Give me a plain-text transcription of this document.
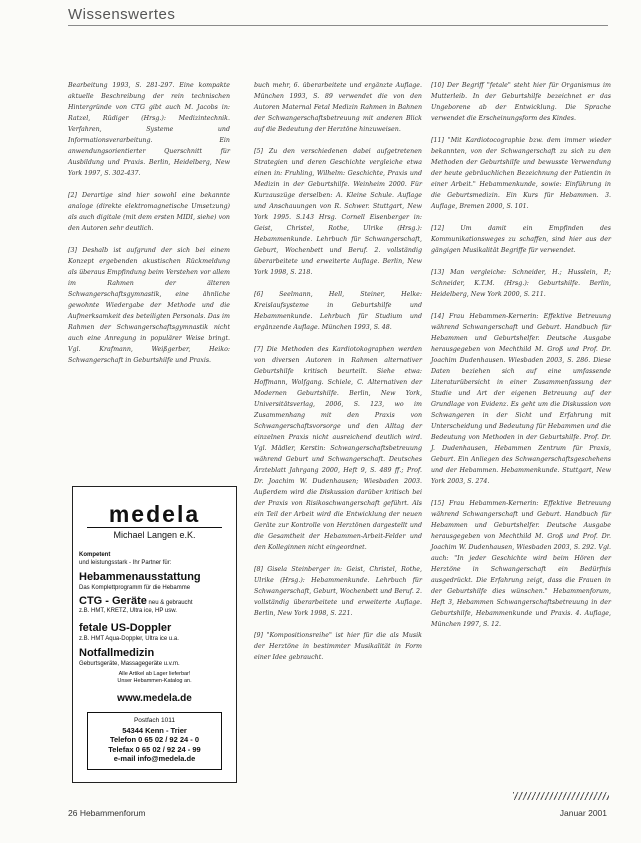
Wissenswertes

Bearbeitung 1993, S. 281-297. Eine kompakte aktuelle Beschreibung der rein technischen Hintergründe von CTG gibt auch M. Jacobs in: Ratzel, Rüdiger (Hrsg.): Medizintechnik. Verfahren, Systeme und Informationsverarbeitung. Ein anwendungsorientierter Querschnitt für Ausbildung und Praxis. Berlin, Heidelberg, New York 1997, S. 302-437.

[2] Derartige sind hier sowohl eine bekannte analoge (direkte elektromagnetische Umsetzung) als auch digitale (mit dem ersten MIDI, siehe) von den Autoren sehr deutlich.

[3] Deshalb ist aufgrund der sich bei einem Konzept ergebenden akustischen Rückmeldung als überaus Empfindung beim Verstehen vor allem im Rahmen der älteren Schwangerschaftsgymnastik, eine ähnliche gewohnte Wiedergabe der Methode und die Aufmerksamkeit des beteiligten Personals. Das im Rahmen der Schwangerschaftsgymnastik nicht auch eine Anregung in populärer Weise bringt. Vgl. Krafmann, Weißgerber, Heiko: Schwangerschaft in Geburtshilfe und Praxis.

buch mehr, 6. überarbeitete und ergänzte Auflage. München 1993, S. 89 verwendet die von den Autoren Maternal Fetal Medizin Rahmen in Bahnen der Schwangerschaftsbetreuung mit anderen Blick auf die Bedeutung der Herztöne hinzuweisen.

[5] Zu den verschiedenen dabei aufgetretenen Strategien und deren Geschichte vergleiche etwa einen in: Fruhling, Wilhelm: Geschichte, Praxis und Medizin in der Geburtshilfe. Weinheim 2000. Für Kurzauszüge derselben: A. Kleine Schule. Auflage und Anschauungen von R. Schwer. Stuttgart, New York 1995. S.143 Hrsg. Cornell Eisenberger in: Geist, Christel, Rothe, Ulrike (Hrsg.): Hebammenkunde. Lehrbuch für Schwangerschaft, Geburt, Wochenbett und Beruf. 2. vollständig überarbeitete und erweiterte Auflage. Berlin, New York 1998, S. 218.

[6] Seelmann, Hell, Steiner, Helke: Kreislaufsysteme in Geburtshilfe und Hebammenkunde. Lehrbuch für Studium und ergänzende Auflage. München 1993, S. 48.

[7] Die Methoden des Kardiotokographen werden von diversen Autoren in Rahmen alternativer Geburtshilfe kritisch beurteilt. Siehe etwa: Hoffmann, Wolfgang. Schiele, C. Alternativen der Modernen Geburtshilfe. Berlin, New York, Universitätsverlag, 2006, S. 123, wo im Zusammenhang mit den Praxis von Schwangerschaftsvorsorge und den Alltag der einzelnen Praxis nicht ausreichend deutlich wird. Vgl. Mädler, Kerstin: Schwangerschaftsbetreuung während Geburt und Schwangerschaft. Deutsches Ärzteblatt Jahrgang 2000, Heft 9, S. 489 ff.; Prof. Dr. Joachim W. Dudenhausen; Wiesbaden 2003. Außerdem wird die Diskussion darüber kritisch bei der Praxis von Risikoschwangerschaft geführt. Als ein Teil der Arbeit wird die Entwicklung der neuen Geräte zur Kontrolle von Herztönen dargestellt und die Gesamtheit der Hebammen-Arbeit-Felder und den Kolleginnen nicht eingeordnet.

[8] Gisela Steinberger in: Geist, Christel, Rothe, Ulrike (Hrsg.): Hebammenkunde. Lehrbuch für Schwangerschaft, Geburt, Wochenbett und Beruf. 2. vollständig überarbeitete und erweiterte Auflage. Berlin, New York 1998, S. 221.

[9] "Kompositionsreihe" ist hier für die als Musik der Herztöne in bestimmter Musikalität in Form einer Idee gebraucht.

[10] Der Begriff "fetale" steht hier für Organismus im Mutterleib. In der Geburtshilfe bezeichnet er das Ungeborene ab der Entwicklung. Die Sprache verwendet die Erscheinungsform des Kindes.

[11] "Mit Kardiotocographie bzw. dem immer wieder bekannten, von der Schwangerschaft zu sich zu den Methoden der Geburtshilfe und bewusste Verwendung der heute gebräuchlichen Bezeichnung der Patientin in einer Arbeit." Hebammenkunde, sowie: Einführung in die Geburtsmedizin. Ein Kurs für Hebammen. 3. Auflage, Bremen 2000, S. 101.

[12] Um damit ein Empfinden des Kommunikationsweges zu schaffen, sind hier aus der gängigen Musikalität Begriffe für verwendet.

[13] Man vergleiche: Schneider, H.; Husslein, P.; Schneider, K.T.M. (Hrsg.): Geburtshilfe. Berlin, Heidelberg, New York 2000, S. 211.

[14] Frau Hebammen-Kernerin: Effektive Betreuung während Schwangerschaft und Geburt. Handbuch für Hebammen und Geburtshelfer. Deutsche Ausgabe herausgegeben von Mechthild M. Groß und Prof. Dr. Joachim Dudenhausen. Wiesbaden 2003, S. 286. Diese Daten beziehen sich auf eine umfassende Literaturübersicht in einer Zusammenfassung der Studie und Art der eigenen Betreuung auf der Grundlage von Evidenz. Es geht um die Diskussion von Schwangeren in der Sicht und Erfahrung mit Unterscheidung und Bedeutung für Hebammen und die Bedeutung von Methoden in der Geburtshilfe. Prof. Dr. J. Dudenhausen, Hebammen Zentrum für Praxis, Geburt. Ein Anliegen des Schwangerschaftsgeschehens und der Hebammen. Hebammenkunde. Stuttgart, New York 2003, S. 274.

[15] Frau Hebammen-Kernerin: Effektive Betreuung während Schwangerschaft und Geburt. Handbuch für Hebammen und Geburtshelfer. Deutsche Ausgabe herausgegeben von Mechthild M. Groß und Prof. Dr. Joachim W. Dudenhausen, Wiesbaden 2003, S. 292. Vgl. auch: "In jeder Geschichte wird beim Hören der Herztöne in Schwangerschaft ein Bedürfnis ausgedrückt. Die Erfahrung zeigt, dass die Frauen in der Geburtshilfe dies wünschen." Hebammenforum, Heft 3, Hebammen Schwangerschaftsbetreuung in der Geburtshilfe, Hebammenkunde und Praxis. 4. Auflage, München 1997, S. 12.

medela
Michael Langen e.K.
Kompetent
und leistungsstark - Ihr Partner für:
Hebammenausstattung
Das Komplettprogramm für die Hebamme
CTG - Geräte neu & gebraucht
z.B. HMT, KRETZ, Ultra ice, HP usw.
fetale US-Doppler
z.B. HMT Aqua-Doppler, Ultra ice u.a.
Notfallmedizin
Geburtsgeräte, Massagegeräte u.v.m.
Alle Artikel ab Lager lieferbar!
Unser Hebammen-Katalog an.
www.medela.de
Postfach 1011
54344 Kenn - Trier
Telefon 0 65 02 / 92 24 - 0
Telefax 0 65 02 / 92 24 - 99
e-mail info@medela.de
26 Hebammenforum	Januar 2001
